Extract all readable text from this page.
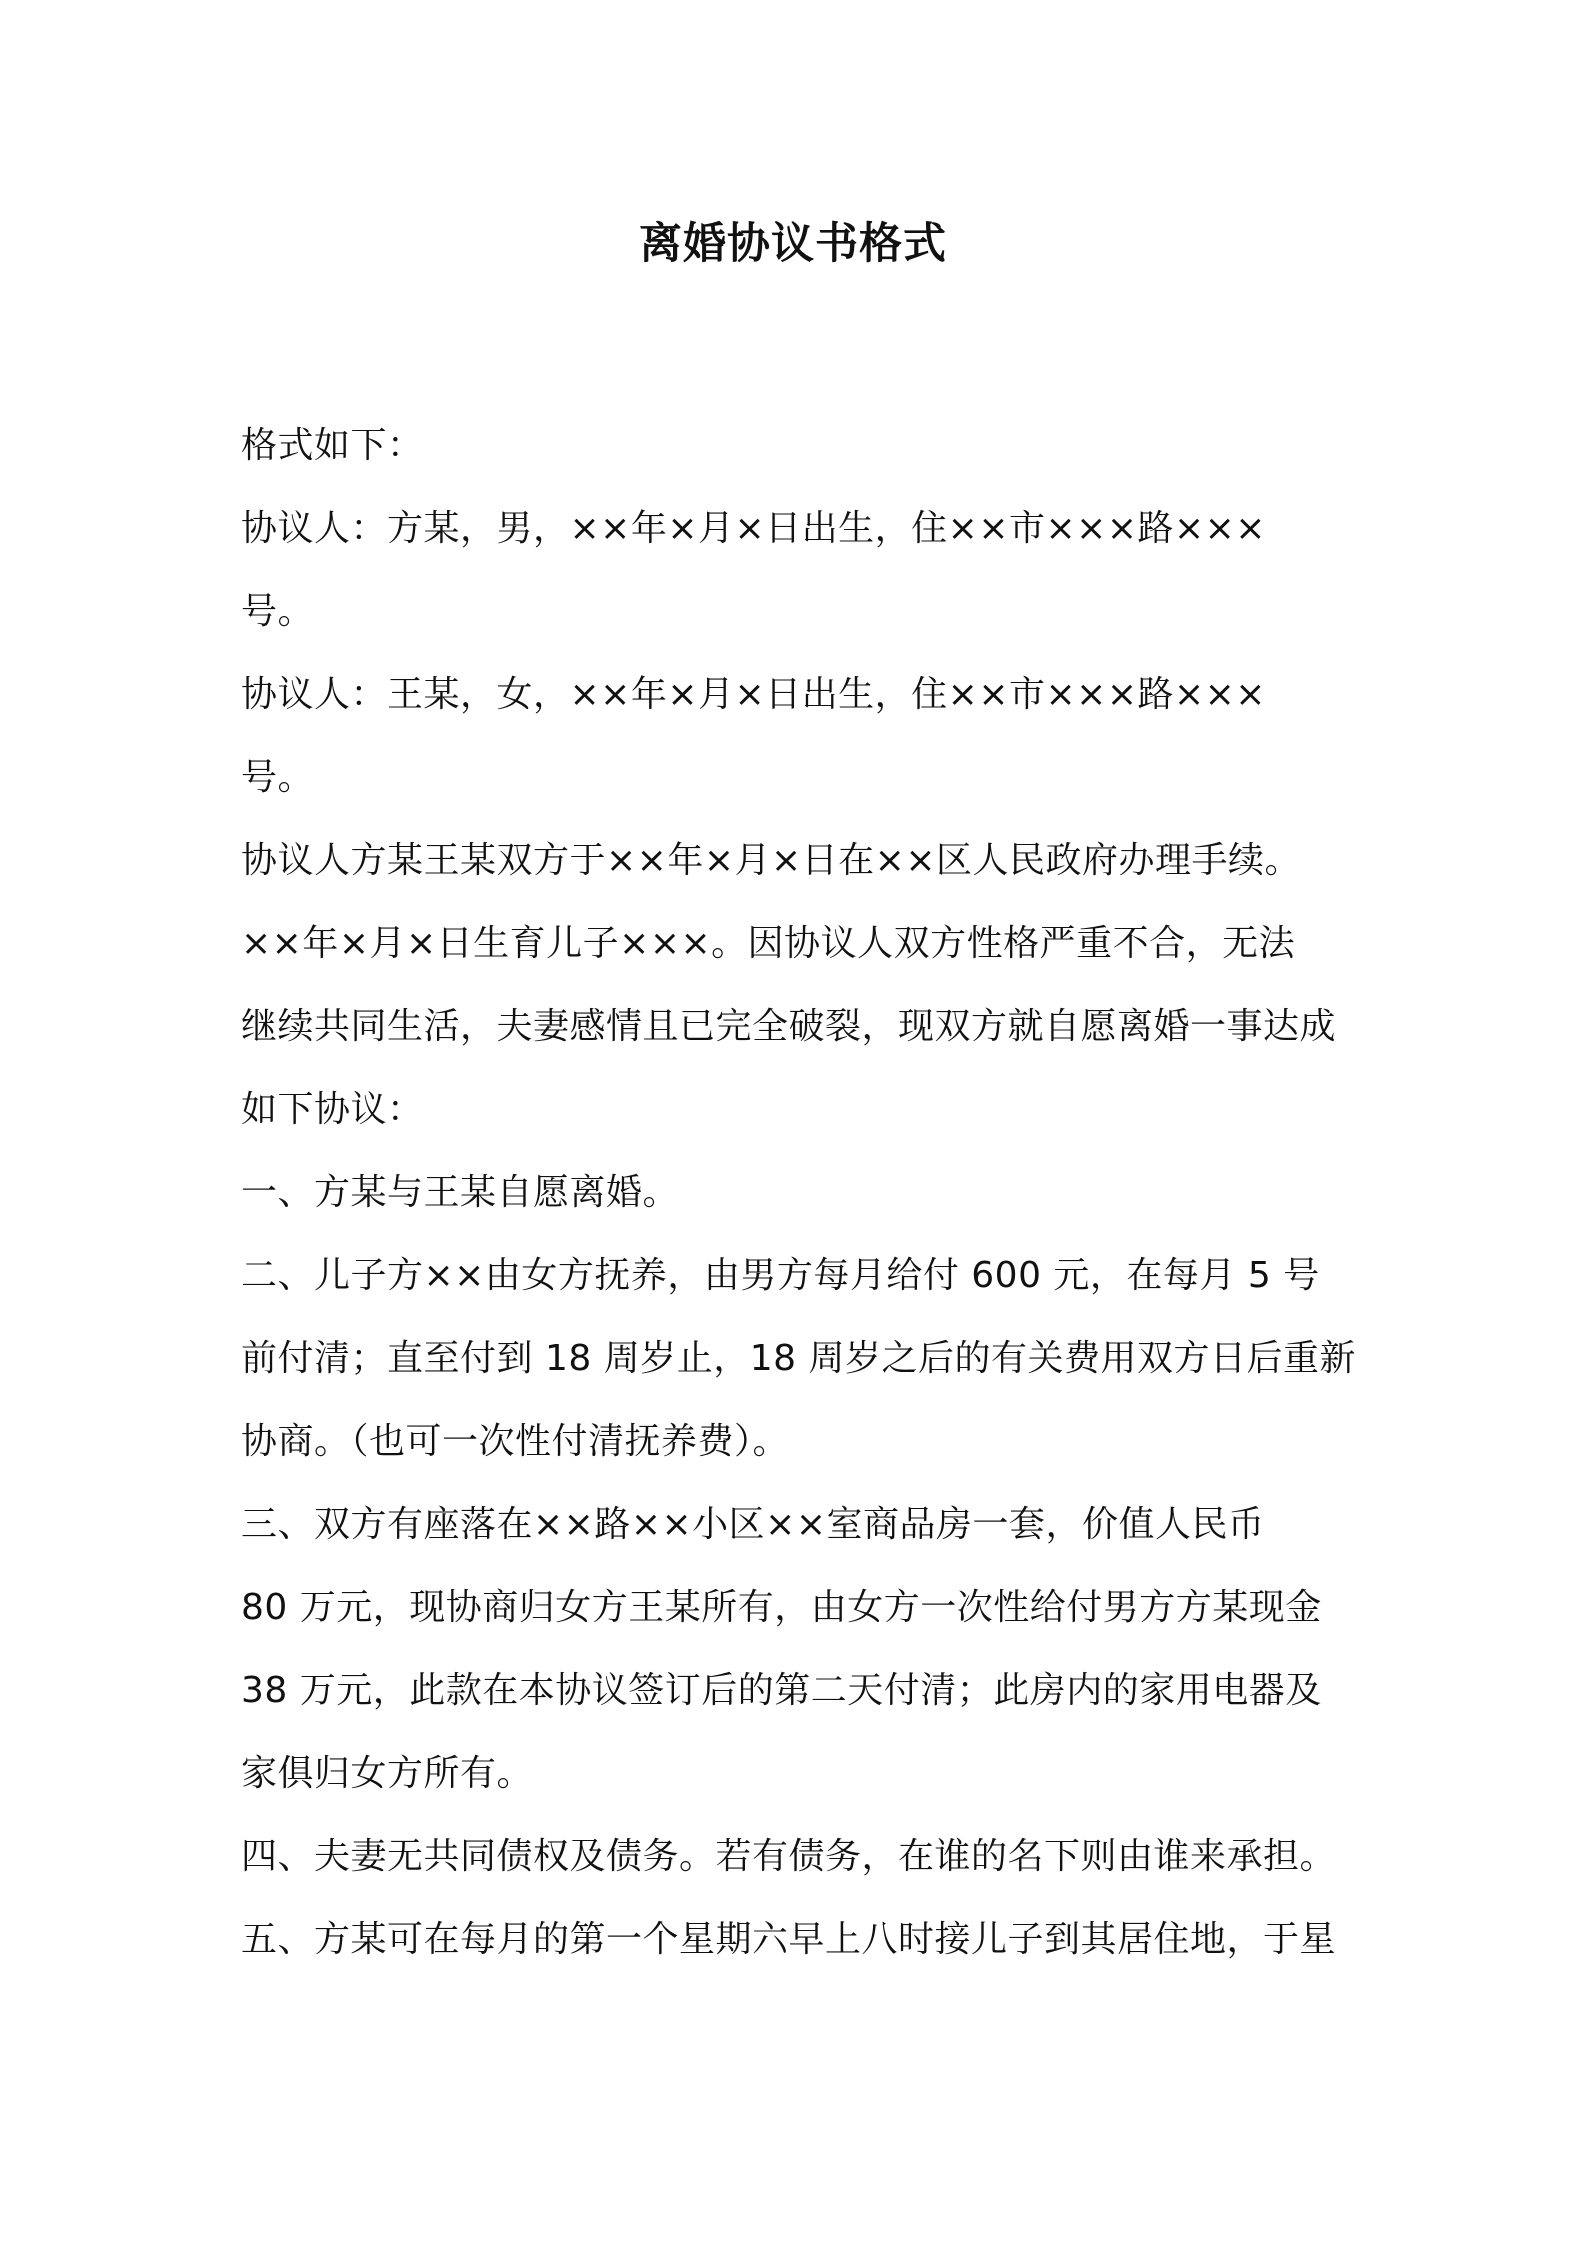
离婚协议书格式
格式如下：
协议人：方某，男，××年×月×日出生，住××市×××路×××
号。
协议人：王某，女，××年×月×日出生，住××市×××路×××
号。
协议人方某王某双方于××年×月×日在××区人民政府办理手续。
××年×月×日生育儿子×××。因协议人双方性格严重不合，无法
继续共同生活，夫妻感情且已完全破裂，现双方就自愿离婚一事达成
如下协议：
一、方某与王某自愿离婚。
二、儿子方××由女方抚养，由男方每月给付 600 元，在每月 5 号
前付清；直至付到 18 周岁止，18 周岁之后的有关费用双方日后重新
协商。（也可一次性付清抚养费）。
三、双方有座落在××路××小区××室商品房一套，价值人民币
80 万元，现协商归女方王某所有，由女方一次性给付男方方某现金
38 万元，此款在本协议签订后的第二天付清；此房内的家用电器及
家俱归女方所有。
四、夫妻无共同债权及债务。若有债务，在谁的名下则由谁来承担。
五、方某可在每月的第一个星期六早上八时接儿子到其居住地，于星
